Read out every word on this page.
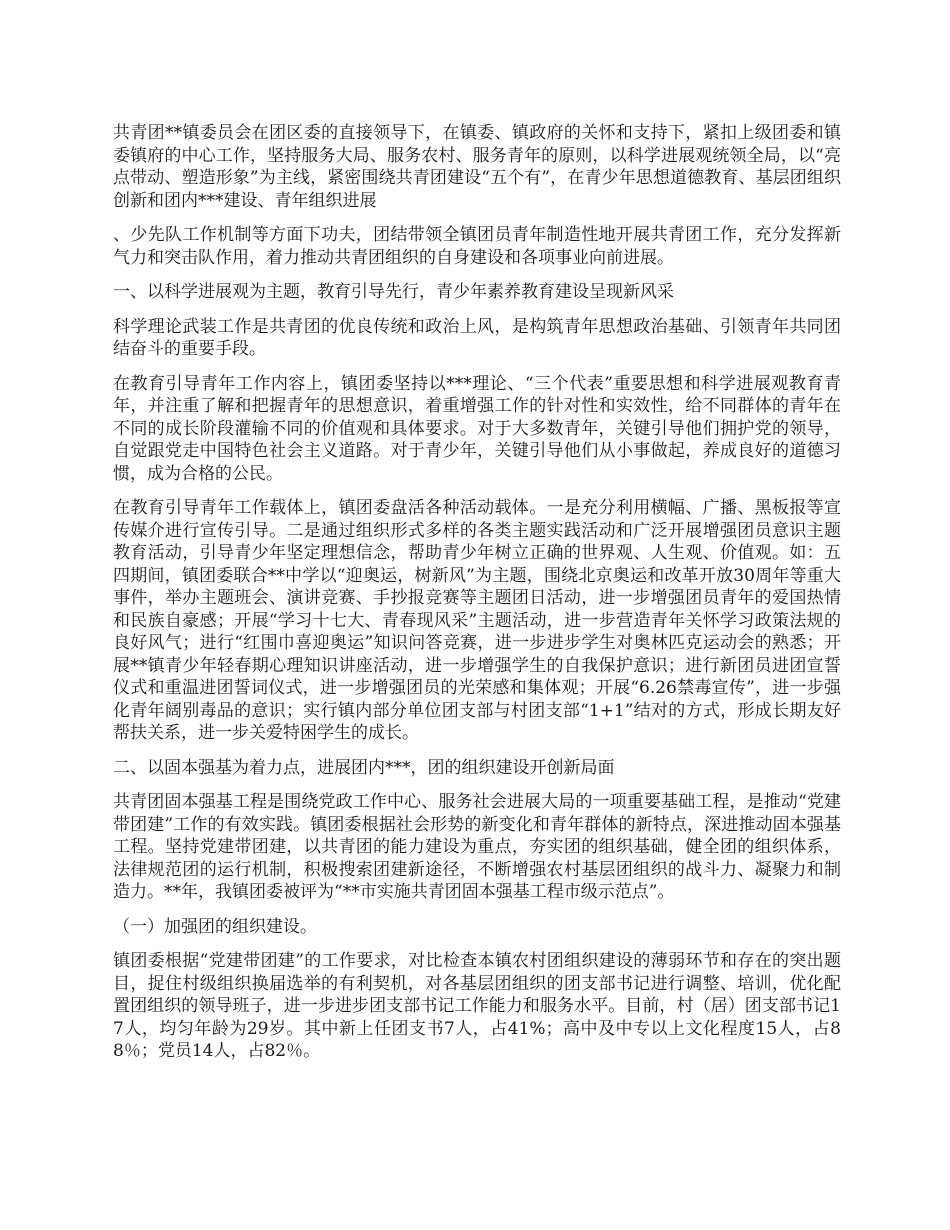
共青团**镇委员会在团区委的直接领导下，在镇委、镇政府的关怀和支持下，紧扣上级团委和镇委镇府的中心工作，坚持服务大局、服务农村、服务青年的原则，以科学进展观统领全局，以“亮点带动、塑造形象”为主线，紧密围绕共青团建设“五个有”，在青少年思想道德教育、基层团组织创新和团内***建设、青年组织进展

、少先队工作机制等方面下功夫，团结带领全镇团员青年制造性地开展共青团工作，充分发挥新气力和突击队作用，着力推动共青团组织的自身建设和各项事业向前进展。

一、以科学进展观为主题，教育引导先行，青少年素养教育建设呈现新风采

科学理论武装工作是共青团的优良传统和政治上风，是构筑青年思想政治基础、引领青年共同团结奋斗的重要手段。

在教育引导青年工作内容上，镇团委坚持以***理论、“三个代表”重要思想和科学进展观教育青年，并注重了解和把握青年的思想意识，着重增强工作的针对性和实效性，给不同群体的青年在不同的成长阶段灌输不同的价值观和具体要求。对于大多数青年，关键引导他们拥护党的领导，自觉跟党走中国特色社会主义道路。对于青少年，关键引导他们从小事做起，养成良好的道德习惯，成为合格的公民。

在教育引导青年工作载体上，镇团委盘活各种活动载体。一是充分利用横幅、广播、黑板报等宣传媒介进行宣传引导。二是通过组织形式多样的各类主题实践活动和广泛开展增强团员意识主题教育活动，引导青少年坚定理想信念，帮助青少年树立正确的世界观、人生观、价值观。如：五四期间，镇团委联合**中学以“迎奥运，树新风”为主题，围绕北京奥运和改革开放30周年等重大事件，举办主题班会、演讲竞赛、手抄报竞赛等主题团日活动，进一步增强团员青年的爱国热情和民族自豪感；开展“学习十七大、青春现风采”主题活动，进一步营造青年关怀学习政策法规的良好风气；进行“红围巾喜迎奥运”知识问答竞赛，进一步进步学生对奥林匹克运动会的熟悉；开展**镇青少年轻春期心理知识讲座活动，进一步增强学生的自我保护意识；进行新团员进团宣誓仪式和重温进团誓词仪式，进一步增强团员的光荣感和集体观；开展“6.26禁毒宣传”，进一步强化青年阔别毒品的意识；实行镇内部分单位团支部与村团支部“1+1”结对的方式，形成长期友好帮扶关系，进一步关爱特困学生的成长。

二、以固本强基为着力点，进展团内***，团的组织建设开创新局面

共青团固本强基工程是围绕党政工作中心、服务社会进展大局的一项重要基础工程，是推动“党建带团建”工作的有效实践。镇团委根据社会形势的新变化和青年群体的新特点，深进推动固本强基工程。坚持党建带团建，以共青团的能力建设为重点，夯实团的组织基础，健全团的组织体系，法律规范团的运行机制，积极搜索团建新途径，不断增强农村基层团组织的战斗力、凝聚力和制造力。**年，我镇团委被评为“**市实施共青团固本强基工程市级示范点”。

（一）加强团的组织建设。

镇团委根据“党建带团建”的工作要求，对比检查本镇农村团组织建设的薄弱环节和存在的突出题目，捉住村级组织换届选举的有利契机，对各基层团组织的团支部书记进行调整、培训，优化配置团组织的领导班子，进一步进步团支部书记工作能力和服务水平。目前，村（居）团支部书记17人，均匀年龄为29岁。其中新上任团支书7人，占41%；高中及中专以上文化程度15人，占88％；党员14人，占82％。
